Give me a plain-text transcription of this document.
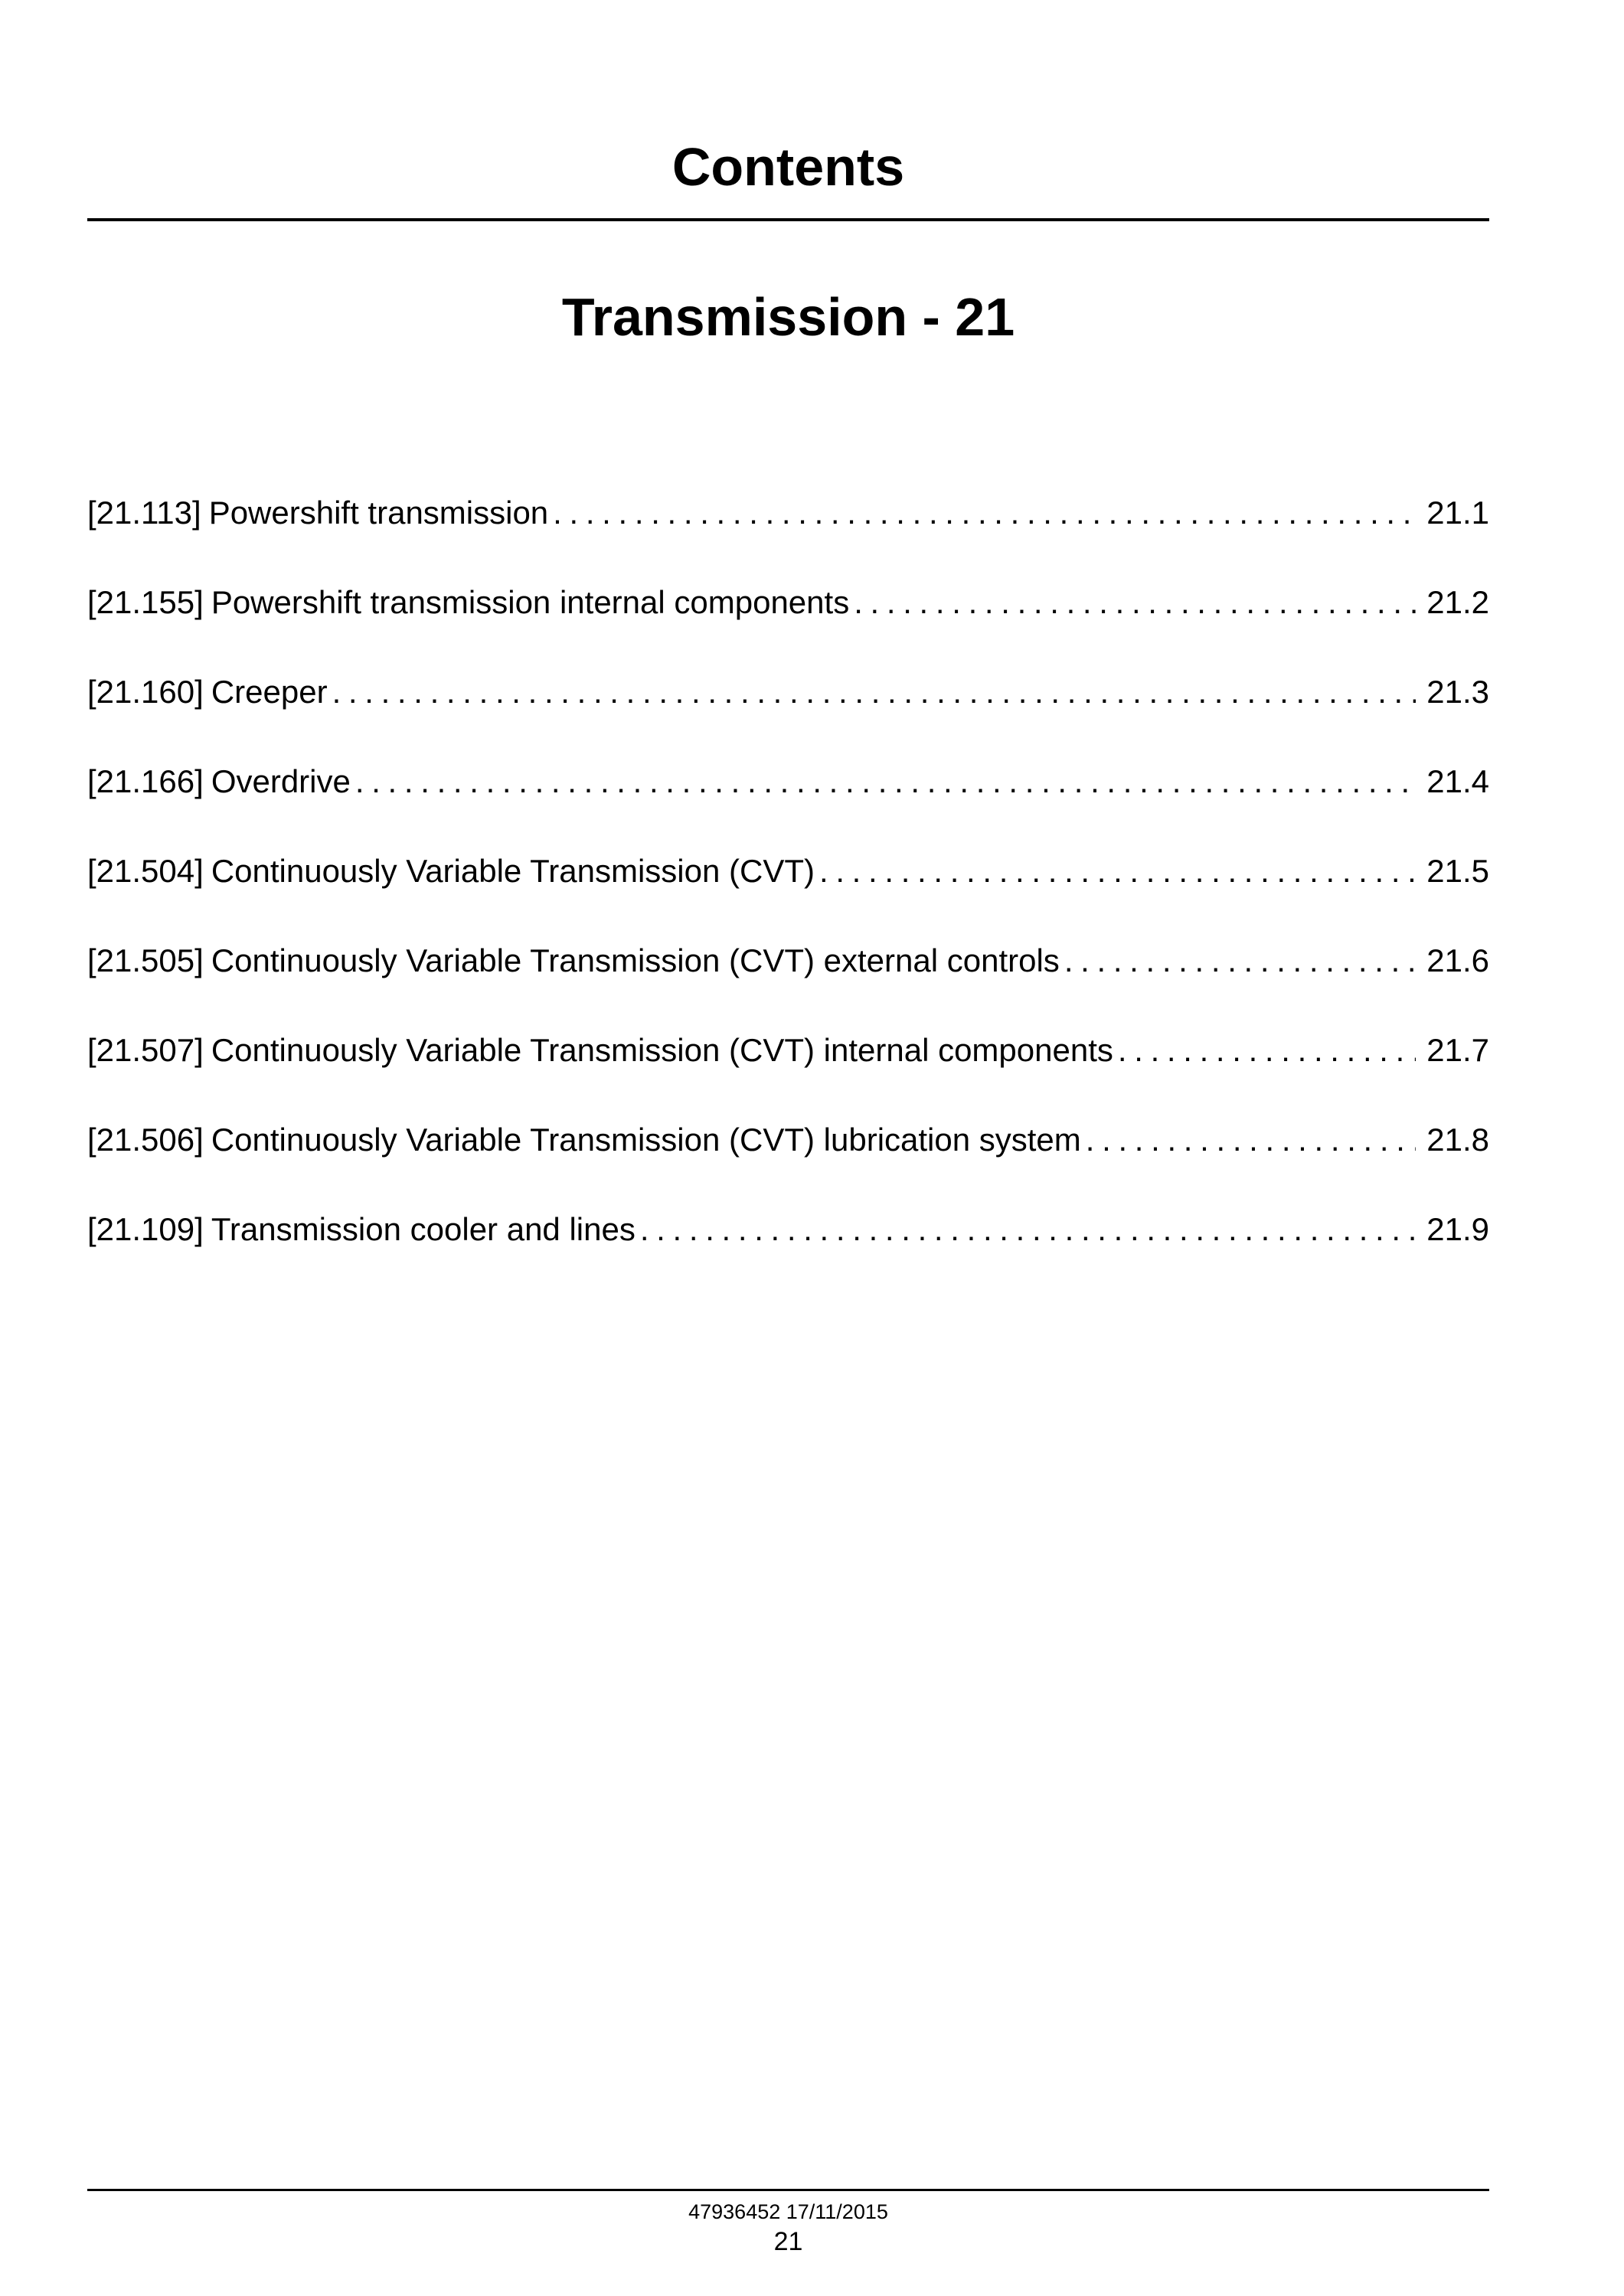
Contents
Transmission - 21
[21.113] Powershift transmission . . .	21.1
[21.155] Powershift transmission internal components . . .	21.2
[21.160] Creeper . . .	21.3
[21.166] Overdrive . . .	21.4
[21.504] Continuously Variable Transmission (CVT) . . .	21.5
[21.505] Continuously Variable Transmission (CVT) external controls . . .	21.6
[21.507] Continuously Variable Transmission (CVT) internal components . . .	21.7
[21.506] Continuously Variable Transmission (CVT) lubrication system . . .	21.8
[21.109] Transmission cooler and lines . . .	21.9

47936452 17/11/2015

21
